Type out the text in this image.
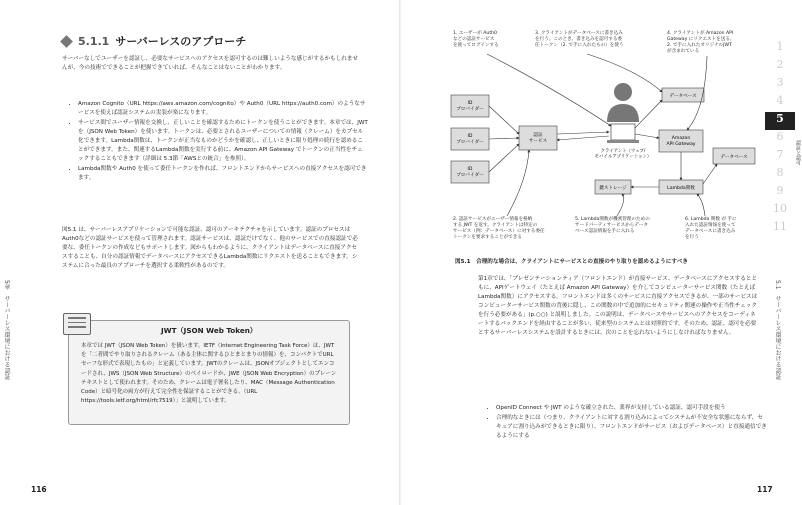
5.1.1 サーバーレスのアプローチ

サーバーなしでユーザーを認証し、必要なサービスへのアクセスを認可するのは難しいような感じがするかもしれませんが、今の技術でできることが把握できていれば、そんなことはないことがわかります。

• Amazon Cognito（URL https://aws.amazon.com/cognito）や Auth0（URL https://auth0.com）のようなサービスを使えば認証システムの実装が楽になります。
• サービス間でユーザー情報を交換し、正しいことを確認するためにトークンを使うことができます。本章では、JWT を（JSON Web Token）を使います。トークンは、必要とされるユーザーについての情報（クレーム）をカプセル化できます。Lambda関数は、トークンが正当なものかどうかを確認し、正しいときに限り処理の続行を認めることができます。また、関連するLambda関数を実行する前に、Amazon API Gateway でトークンの正当性をチェックすることもできます（詳細は 5.3節「AWSとの統合」を参照）。
• Lambda関数や Auth0 を使って委任トークンを作れば、フロントエンドからサービスへの直接アクセスを認可できます。

図5.1 は、サーバーレスアプリケーションで可能な認証、認可のアーキテクチャを示しています。認証のプロセスはAuth0などの認証サービスを使って管理されます。認証サービスは、認証だけでなく、他のサービスでの直接認証で必要な、委任トークンの作成などもサポートします。図からもわかるように、クライアントはデータベースに直接アクセスすることも、自分の認証情報でデータベースにアクセスできるLambda関数にリクエストを送ることもできます。システムに合った最良のアプローチを選択する柔軟性があるのです。

JWT（JSON Web Token）

本章では JWT（JSON Web Token）を扱います。IETF（Internet Engineering Task Force）は、JWTを「二者間でやり取りされるクレーム（ある主体に関するひとまとまりの情報）を、コンパクトでURLセーフな形式で表現したもの」と定義しています。JWTのクレームは、JSONオブジェクトとしてエンコードされ、JWS（JSON Web Structure）のペイロードか、JWE（JSON Web Encryption）のプレーンテキストとして使われます。そのため、クレームは電子署名したり、MAC（Message Authentication Code）と暗号化の両方が行えて完全性を保証することができる。（URL https://tools.ietf.org/html/rfc7519）」と説明しています。

5章　サーバーレス環境における認証
116
1. ユーザーが Auth0 などの認証サービスを使ってログインする
3. クライアントがデータベースに書き込みを行う。このとき、書き込みを認可する委任トークン（2. で手に入れたもの）を使う
4. クライアントが Amazon API Gateway にリクエストを送る。 2. で手に入れたオリジナルJWT が含まれている
2. 認証サービスがユーザー情報を格納する JWT を返す。クライアントは特定のサービス（例：データベース）に対する委任トークンを要求することができる
5. Lambda関数が機密管理のためのサードパーティサービスからデータベース認証情報を手に入れる
6. Lambda 関数 が 手に入れた認証情報を使ってデータベースに書き込みを行う
ID プロバイダー
ID プロバイダー
ID プロバイダー
認証サービス
クライアント（ウェブ/モバイルアプリケーション）
データベース
Amazon API Gateway
データベース
鍵ストレージ	Lambda関数

図5.1　合理的な場合は、クライアントにサービスとの直接のやり取りを認めるようにすべき

第1章では、「プレゼンテーションティア（フロントエンド）が直接サービス、データベースにアクセスするとともに、APIゲートウェイ（たとえば Amazon API Gateway）を介してコンピューターサービス関数（たとえばLambda関数）にアクセスする。フロントエンドは多くのサービスに直接アクセスできるが、一部のサービスはコンピューターサービス関数の背後に隠し、この関数の中で追加的にセキュリティ関連の操作や正当性チェックを行う必要がある」(p.○○) と説明しました。この説明は、データベースやサービスへのアクセスをコーディネートするバックエンドを経由することが多い、従来型のシステムとは対照的です。そのため、認証、認可を必要とするサーバーレスシステムを設計するときには、次のことを忘れないようにしなければなりません。

• OpenID Connect や JWT のような確立された、業界が支持している認証、認可手段を使う
• 合理的なときには（つまり、クライアントに対する割り込みによってシステムが不安全な状態にならず、セキュアに割り込みができるときに限り）、フロントエンドがサービス（およびデータベース）と直接通信できるようにする
117
1
2
3
4
5
6
7
8
9
10
11
認証と認可
5.1　サーバーレス環境における認証
